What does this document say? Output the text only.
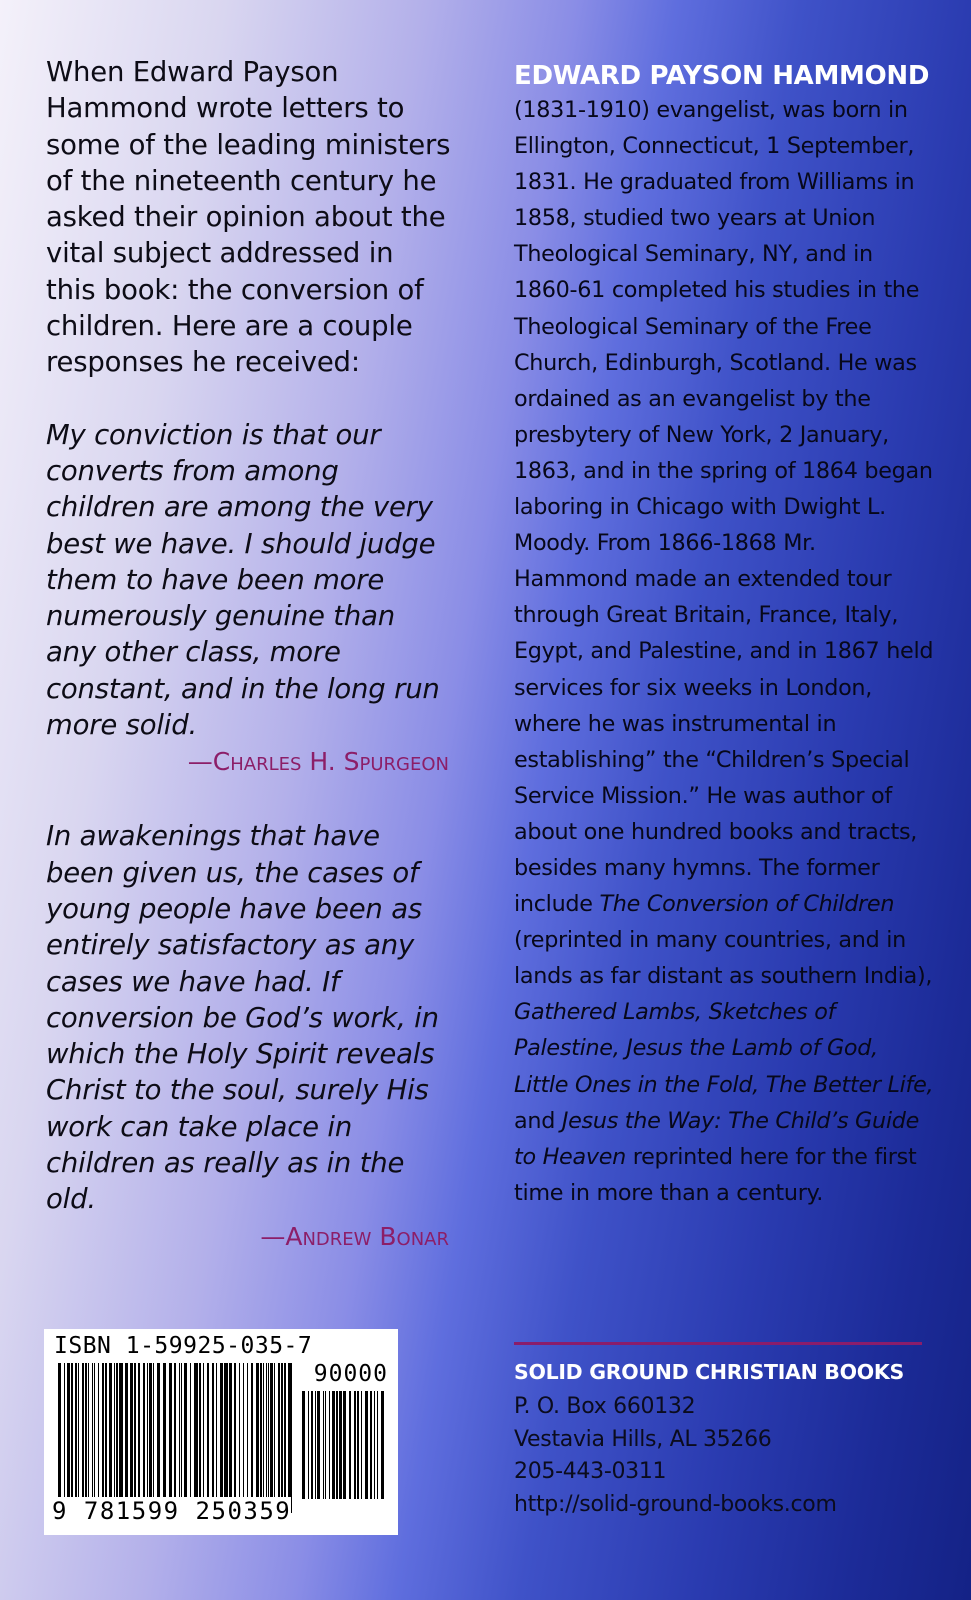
When Edward Payson Hammond wrote letters to some of the leading ministers of the nineteenth century he asked their opinion about the vital subject addressed in this book: the conversion of children. Here are a couple responses he received:

My conviction is that our converts from among children are among the very best we have. I should judge them to have been more numerously genuine than any other class, more constant, and in the long run more solid.

—Charles H. Spurgeon

In awakenings that have been given us, the cases of young people have been as entirely satisfactory as any cases we have had. If conversion be God’s work, in which the Holy Spirit reveals Christ to the soul, surely His work can take place in children as really as in the old.

—Andrew Bonar

EDWARD PAYSON HAMMOND

(1831-1910) evangelist, was born in Ellington, Connecticut, 1 September, 1831. He graduated from Williams in 1858, studied two years at Union Theological Seminary, NY, and in 1860-61 completed his studies in the Theological Seminary of the Free Church, Edinburgh, Scotland. He was ordained as an evangelist by the presbytery of New York, 2 January, 1863, and in the spring of 1864 began laboring in Chicago with Dwight L. Moody. From 1866-1868 Mr. Hammond made an extended tour through Great Britain, France, Italy, Egypt, and Palestine, and in 1867 held services for six weeks in London, where he was instrumental in establishing” the “Children’s Special Service Mission.” He was author of about one hundred books and tracts, besides many hymns. The former include The Conversion of Children (reprinted in many countries, and in lands as far distant as southern India), Gathered Lambs, Sketches of Palestine, Jesus the Lamb of God, Little Ones in the Fold, The Better Life, and Jesus the Way: The Child’s Guide to Heaven reprinted here for the first time in more than a century.

SOLID GROUND CHRISTIAN BOOKS

P. O. Box 660132

Vestavia Hills, AL 35266

205-443-0311

http://solid-ground-books.com

ISBN 1-59925-035-7

90000

9 781599 250359
